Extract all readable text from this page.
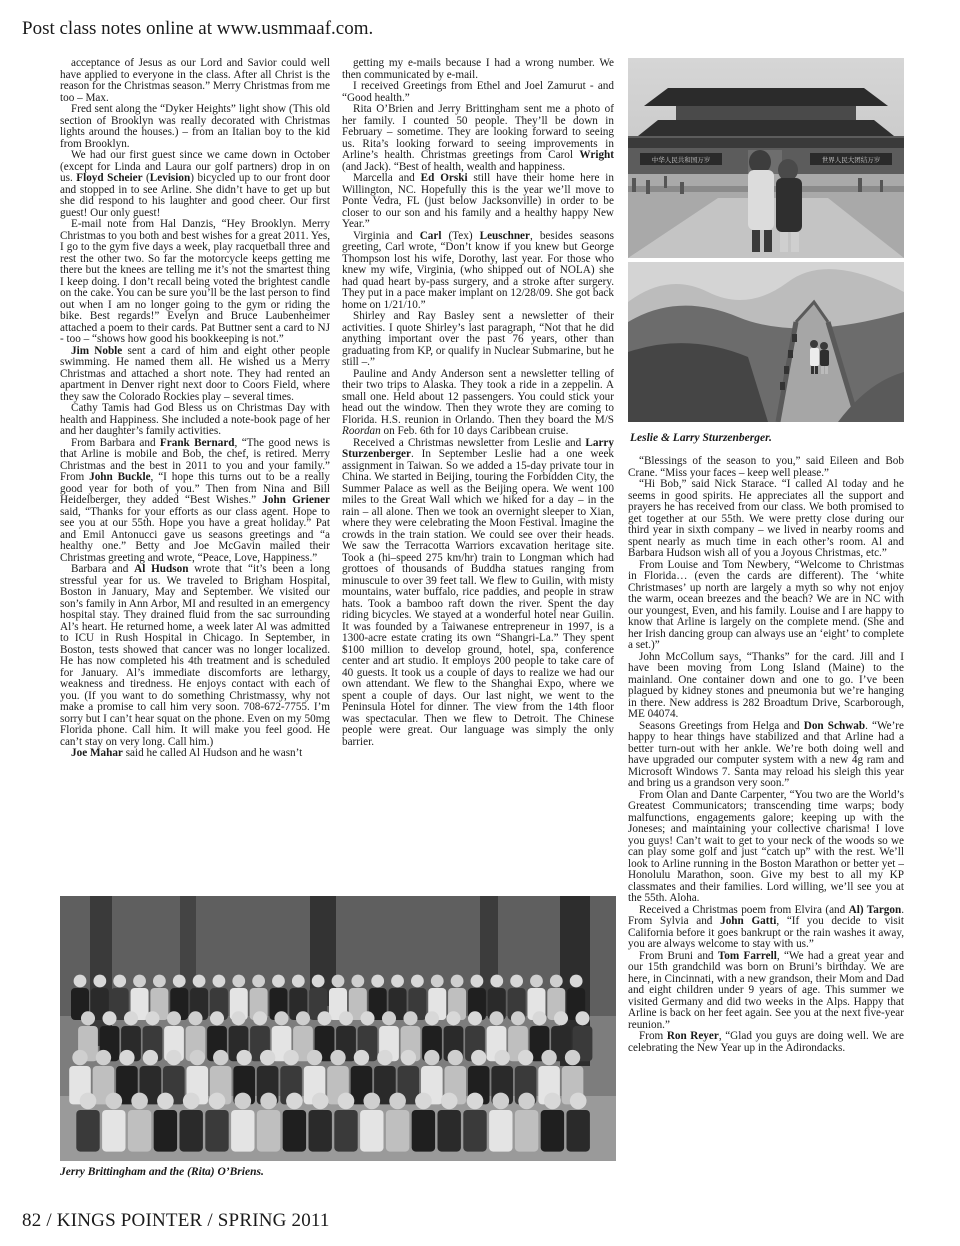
Post class notes online at www.usmmaaf.com.

acceptance of Jesus as our Lord and Savior could well have applied to everyone in the class. After all Christ is the reason for the Christmas season.” Merry Christmas from me too – Max.

Fred sent along the “Dyker Heights” light show (This old section of Brooklyn was really decorated with Christmas lights around the houses.) – from an Italian boy to the kid from Brooklyn.

We had our first guest since we came down in October (except for Linda and Laura our golf partners) drop in on us. Floyd Scheier (Levision) bicycled up to our front door and stopped in to see Arline. She didn’t have to get up but she did respond to his laughter and good cheer. Our first guest! Our only guest!

E-mail note from Hal Danzis, “Hey Brooklyn. Merry Christmas to you both and best wishes for a great 2011. Yes, I go to the gym five days a week, play racquetball three and rest the other two. So far the motorcycle keeps getting me there but the knees are telling me it’s not the smartest thing I keep doing. I don’t recall being voted the brightest candle on the cake. You can be sure you’ll be the last person to find out when I am no longer going to the gym or riding the bike. Best regards!” Evelyn and Bruce Laubenheimer attached a poem to their cards. Pat Buttner sent a card to NJ - too – “shows how good his bookkeeping is not.”

Jim Noble sent a card of him and eight other people swimming. He named them all. He wished us a Merry Christmas and attached a short note. They had rented an apartment in Denver right next door to Coors Field, where they saw the Colorado Rockies play – several times.

Cathy Tamis had God Bless us on Christmas Day with health and Happiness. She included a note-book page of her and her daughter’s family activities.

From Barbara and Frank Bernard, “The good news is that Arline is mobile and Bob, the chef, is retired. Merry Christmas and the best in 2011 to you and your family.” From John Buckle, “I hope this turns out to be a really good year for both of you.” Then from Nina and Bill Heidelberger, they added “Best Wishes.” John Griener said, “Thanks for your efforts as our class agent. Hope to see you at our 55th. Hope you have a great holiday.” Pat and Emil Antonucci gave us seasons greetings and “a healthy one.” Betty and Joe McGavin mailed their Christmas greeting and wrote, “Peace, Love, Happiness.”

Barbara and Al Hudson wrote that “it’s been a long stressful year for us. We traveled to Brigham Hospital, Boston in January, May and September. We visited our son’s family in Ann Arbor, MI and resulted in an emergency hospital stay. They drained fluid from the sac surrounding Al’s heart. He returned home, a week later Al was admitted to ICU in Rush Hospital in Chicago. In September, in Boston, tests showed that cancer was no longer localized. He has now completed his 4th treatment and is scheduled for January. Al’s immediate discomforts are lethargy, weakness and tiredness. He enjoys contact with each of you. (If you want to do something Christmassy, why not make a promise to call him very soon. 708-672-7755. I’m sorry but I can’t hear squat on the phone. Even on my 50mg Florida phone. Call him. It will make you feel good. He can’t stay on very long. Call him.)

Joe Mahar said he called Al Hudson and he wasn’t

getting my e-mails because I had a wrong number. We then communicated by e-mail.

I received Greetings from Ethel and Joel Zamurut - and “Good health.”

Rita O’Brien and Jerry Brittingham sent me a photo of her family. I counted 50 people. They’ll be down in February – sometime. They are looking forward to seeing us. Rita’s looking forward to seeing improvements in Arline’s health. Christmas greetings from Carol Wright (and Jack). “Best of health, wealth and happiness.

Marcella and Ed Orski still have their home here in Willington, NC. Hopefully this is the year we’ll move to Ponte Vedra, FL (just below Jacksonville) in order to be closer to our son and his family and a healthy happy New Year.”

Virginia and Carl (Tex) Leuschner, besides seasons greeting, Carl wrote, “Don’t know if you knew but George Thompson lost his wife, Dorothy, last year. For those who knew my wife, Virginia, (who shipped out of NOLA) she had quad heart by-pass surgery, and a stroke after surgery. They put in a pace maker implant on 12/28/09. She got back home on 1/21/10.”

Shirley and Ray Basley sent a newsletter of their activities. I quote Shirley’s last paragraph, “Not that he did anything important over the past 76 years, other than graduating from KP, or qualify in Nuclear Submarine, but he still –.”

Pauline and Andy Anderson sent a newsletter telling of their two trips to Alaska. They took a ride in a zeppelin. A small one. Held about 12 passengers. You could stick your head out the window. Then they wrote they are coming to Florida. H.S. reunion in Orlando. Then they board the M/S Roordan on Feb. 6th for 10 days Caribbean cruise.

Received a Christmas newsletter from Leslie and Larry Sturzenberger. In September Leslie had a one week assignment in Taiwan. So we added a 15-day private tour in China. We started in Beijing, touring the Forbidden City, the Summer Palace as well as the Beijing opera. We went 100 miles to the Great Wall which we hiked for a day – in the rain – all alone. Then we took an overnight sleeper to Xian, where they were celebrating the Moon Festival. Imagine the crowds in the train station. We could see over their heads. We saw the Terracotta Warriors excavation heritage site. Took a (hi–speed 275 km/hr) train to Longman which had grottoes of thousands of Buddha statues ranging from minuscule to over 39 feet tall. We flew to Guilin, with misty mountains, water buffalo, rice paddies, and people in straw hats. Took a bamboo raft down the river. Spent the day riding bicycles. We stayed at a wonderful hotel near Guilin. It was founded by a Taiwanese entrepreneur in 1997, is a 1300-acre estate crating its own “Shangri-La.” They spent $100 million to develop ground, hotel, spa, conference center and art studio. It employs 200 people to take care of 40 guests. It took us a couple of days to realize we had our own attendant. We flew to the Shanghai Expo, where we spent a couple of days. Our last night, we went to the Peninsula Hotel for dinner. The view from the 14th floor was spectacular. Then we flew to Detroit. The Chinese people were great. Our language was simply the only barrier.

中华人民共和国万岁	世界人民大团结万岁
Leslie & Larry Sturzenberger.

“Blessings of the season to you,” said Eileen and Bob Crane. “Miss your faces – keep well please.”

“Hi Bob,” said Nick Starace. “I called Al today and he seems in good spirits. He appreciates all the support and prayers he has received from our class. We both promised to get together at our 55th. We were pretty close during our third year in sixth company – we lived in nearby rooms and spent nearly as much time in each other’s room. Al and Barbara Hudson wish all of you a Joyous Christmas, etc.”

From Louise and Tom Newbery, “Welcome to Christmas in Florida… (even the cards are different). The ‘white Christmases’ up north are largely a myth so why not enjoy the warm, ocean breezes and the beach? We are in NC with our youngest, Even, and his family. Louise and I are happy to know that Arline is largely on the complete mend. (She and her Irish dancing group can always use an ‘eight’ to complete a set.)”

John McCollum says, “Thanks” for the card. Jill and I have been moving from Long Island (Maine) to the mainland. One container down and one to go. I’ve been plagued by kidney stones and pneumonia but we’re hanging in there. New address is 282 Broadtum Drive, Scarborough, ME 04074.

Seasons Greetings from Helga and Don Schwab. “We’re happy to hear things have stabilized and that Arline had a better turn-out with her ankle. We’re both doing well and have upgraded our computer system with a new 4g ram and Microsoft Windows 7. Santa may reload his sleigh this year and bring us a grandson very soon.”

From Olan and Dante Carpenter, “You two are the World’s Greatest Communicators; transcending time warps; body malfunctions, engagements galore; keeping up with the Joneses; and maintaining your collective charisma! I love you guys! Can’t wait to get to your neck of the woods so we can play some golf and just “catch up” with the rest. We’ll look to Arline running in the Boston Marathon or better yet – Honolulu Marathon, soon. Give my best to all my KP classmates and their families. Lord willing, we’ll see you at the 55th. Aloha.

Received a Christmas poem from Elvira (and Al) Targon. From Sylvia and John Gatti, “If you decide to visit California before it goes bankrupt or the rain washes it away, you are always welcome to stay with us.”

From Bruni and Tom Farrell, “We had a great year and our 15th grandchild was born on Bruni’s birthday. We are here, in Cincinnati, with a new grandson, their Mom and Dad and eight children under 9 years of age. This summer we visited Germany and did two weeks in the Alps. Happy that Arline is back on her feet again. See you at the next five-year reunion.”

From Ron Reyer, “Glad you guys are doing well. We are celebrating the New Year up in the Adirondacks.

Jerry Brittingham and the (Rita) O’Briens.
82 / KINGS POINTER / SPRING 2011
